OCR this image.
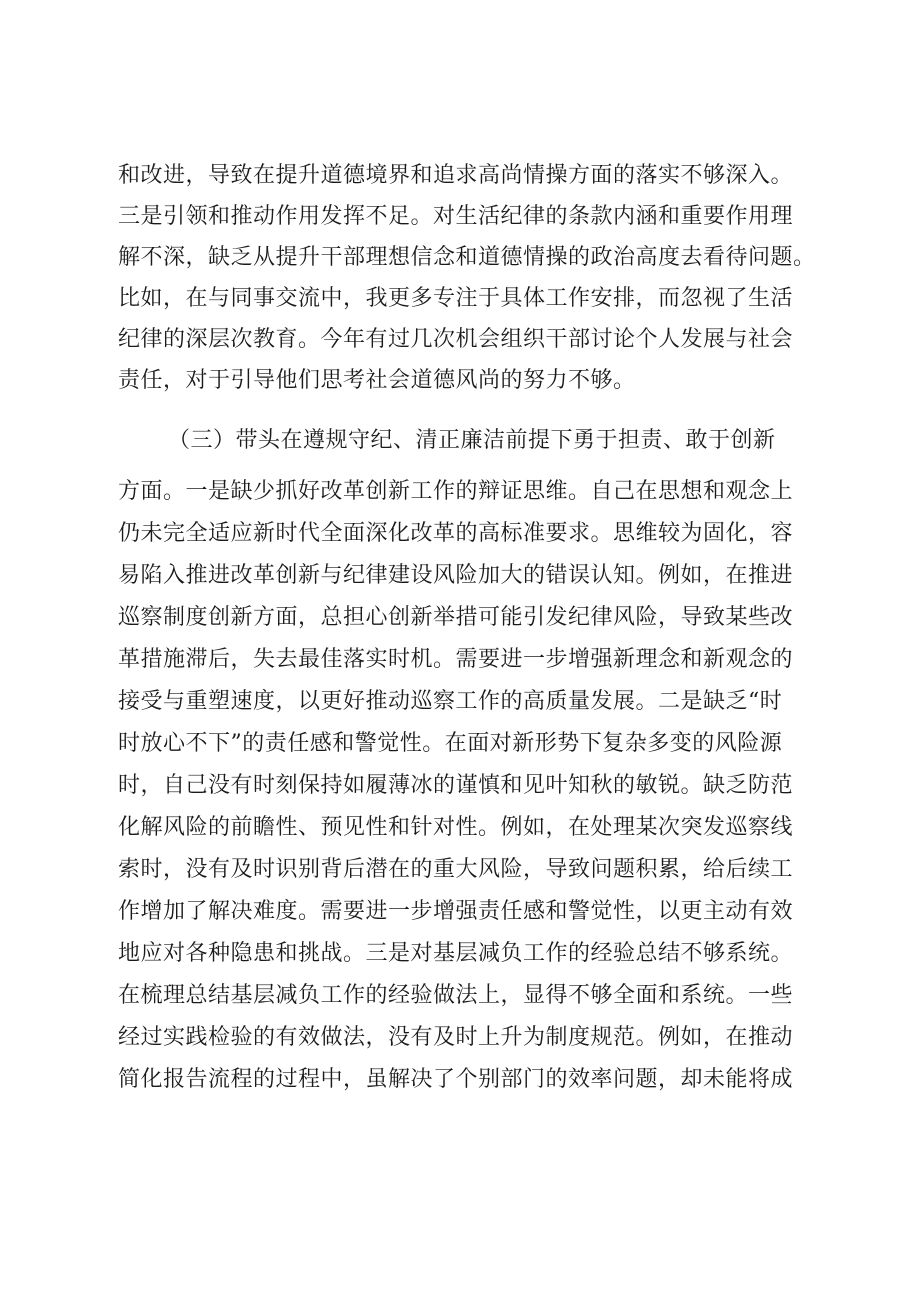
和改进，导致在提升道德境界和追求高尚情操方面的落实不够深入。
三是引领和推动作用发挥不足。对生活纪律的条款内涵和重要作用理
解不深，缺乏从提升干部理想信念和道德情操的政治高度去看待问题。
比如，在与同事交流中，我更多专注于具体工作安排，而忽视了生活
纪律的深层次教育。今年有过几次机会组织干部讨论个人发展与社会
责任，对于引导他们思考社会道德风尚的努力不够。
（三）带头在遵规守纪、清正廉洁前提下勇于担责、敢于创新
方面。一是缺少抓好改革创新工作的辩证思维。自己在思想和观念上
仍未完全适应新时代全面深化改革的高标准要求。思维较为固化，容
易陷入推进改革创新与纪律建设风险加大的错误认知。例如，在推进
巡察制度创新方面，总担心创新举措可能引发纪律风险，导致某些改
革措施滞后，失去最佳落实时机。需要进一步增强新理念和新观念的
接受与重塑速度，以更好推动巡察工作的高质量发展。二是缺乏“时
时放心不下”的责任感和警觉性。在面对新形势下复杂多变的风险源
时，自己没有时刻保持如履薄冰的谨慎和见叶知秋的敏锐。缺乏防范
化解风险的前瞻性、预见性和针对性。例如，在处理某次突发巡察线
索时，没有及时识别背后潜在的重大风险，导致问题积累，给后续工
作增加了解决难度。需要进一步增强责任感和警觉性，以更主动有效
地应对各种隐患和挑战。三是对基层减负工作的经验总结不够系统。
在梳理总结基层减负工作的经验做法上，显得不够全面和系统。一些
经过实践检验的有效做法，没有及时上升为制度规范。例如，在推动
简化报告流程的过程中，虽解决了个别部门的效率问题，却未能将成
